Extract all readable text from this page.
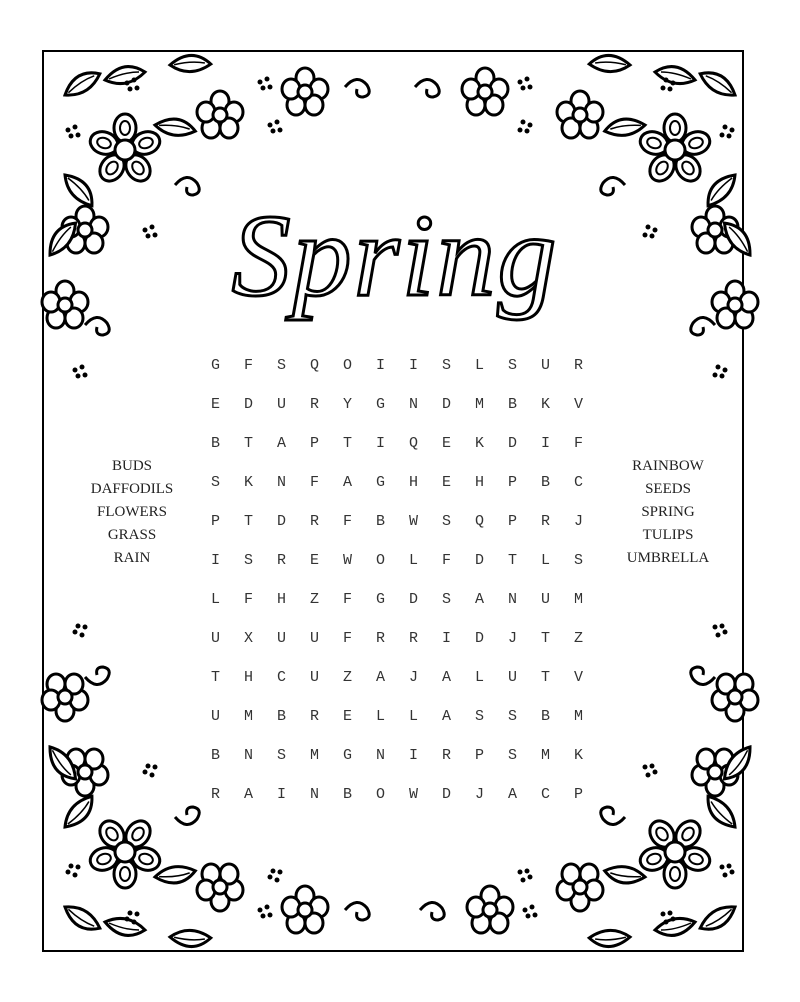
Spring
BUDS
DAFFODILS
FLOWERS
GRASS
RAIN
RAINBOW
SEEDS
SPRING
TULIPS
UMBRELLA
G	F	S	Q	O	I	I	S	L	S	U	R
E	D	U	R	Y	G	N	D	M	B	K	V
B	T	A	P	T	I	Q	E	K	D	I	F
S	K	N	F	A	G	H	E	H	P	B	C
P	T	D	R	F	B	W	S	Q	P	R	J
I	S	R	E	W	O	L	F	D	T	L	S
L	F	H	Z	F	G	D	S	A	N	U	M
U	X	U	U	F	R	R	I	D	J	T	Z
T	H	C	U	Z	A	J	A	L	U	T	V
U	M	B	R	E	L	L	A	S	S	B	M
B	N	S	M	G	N	I	R	P	S	M	K
R	A	I	N	B	O	W	D	J	A	C	P
